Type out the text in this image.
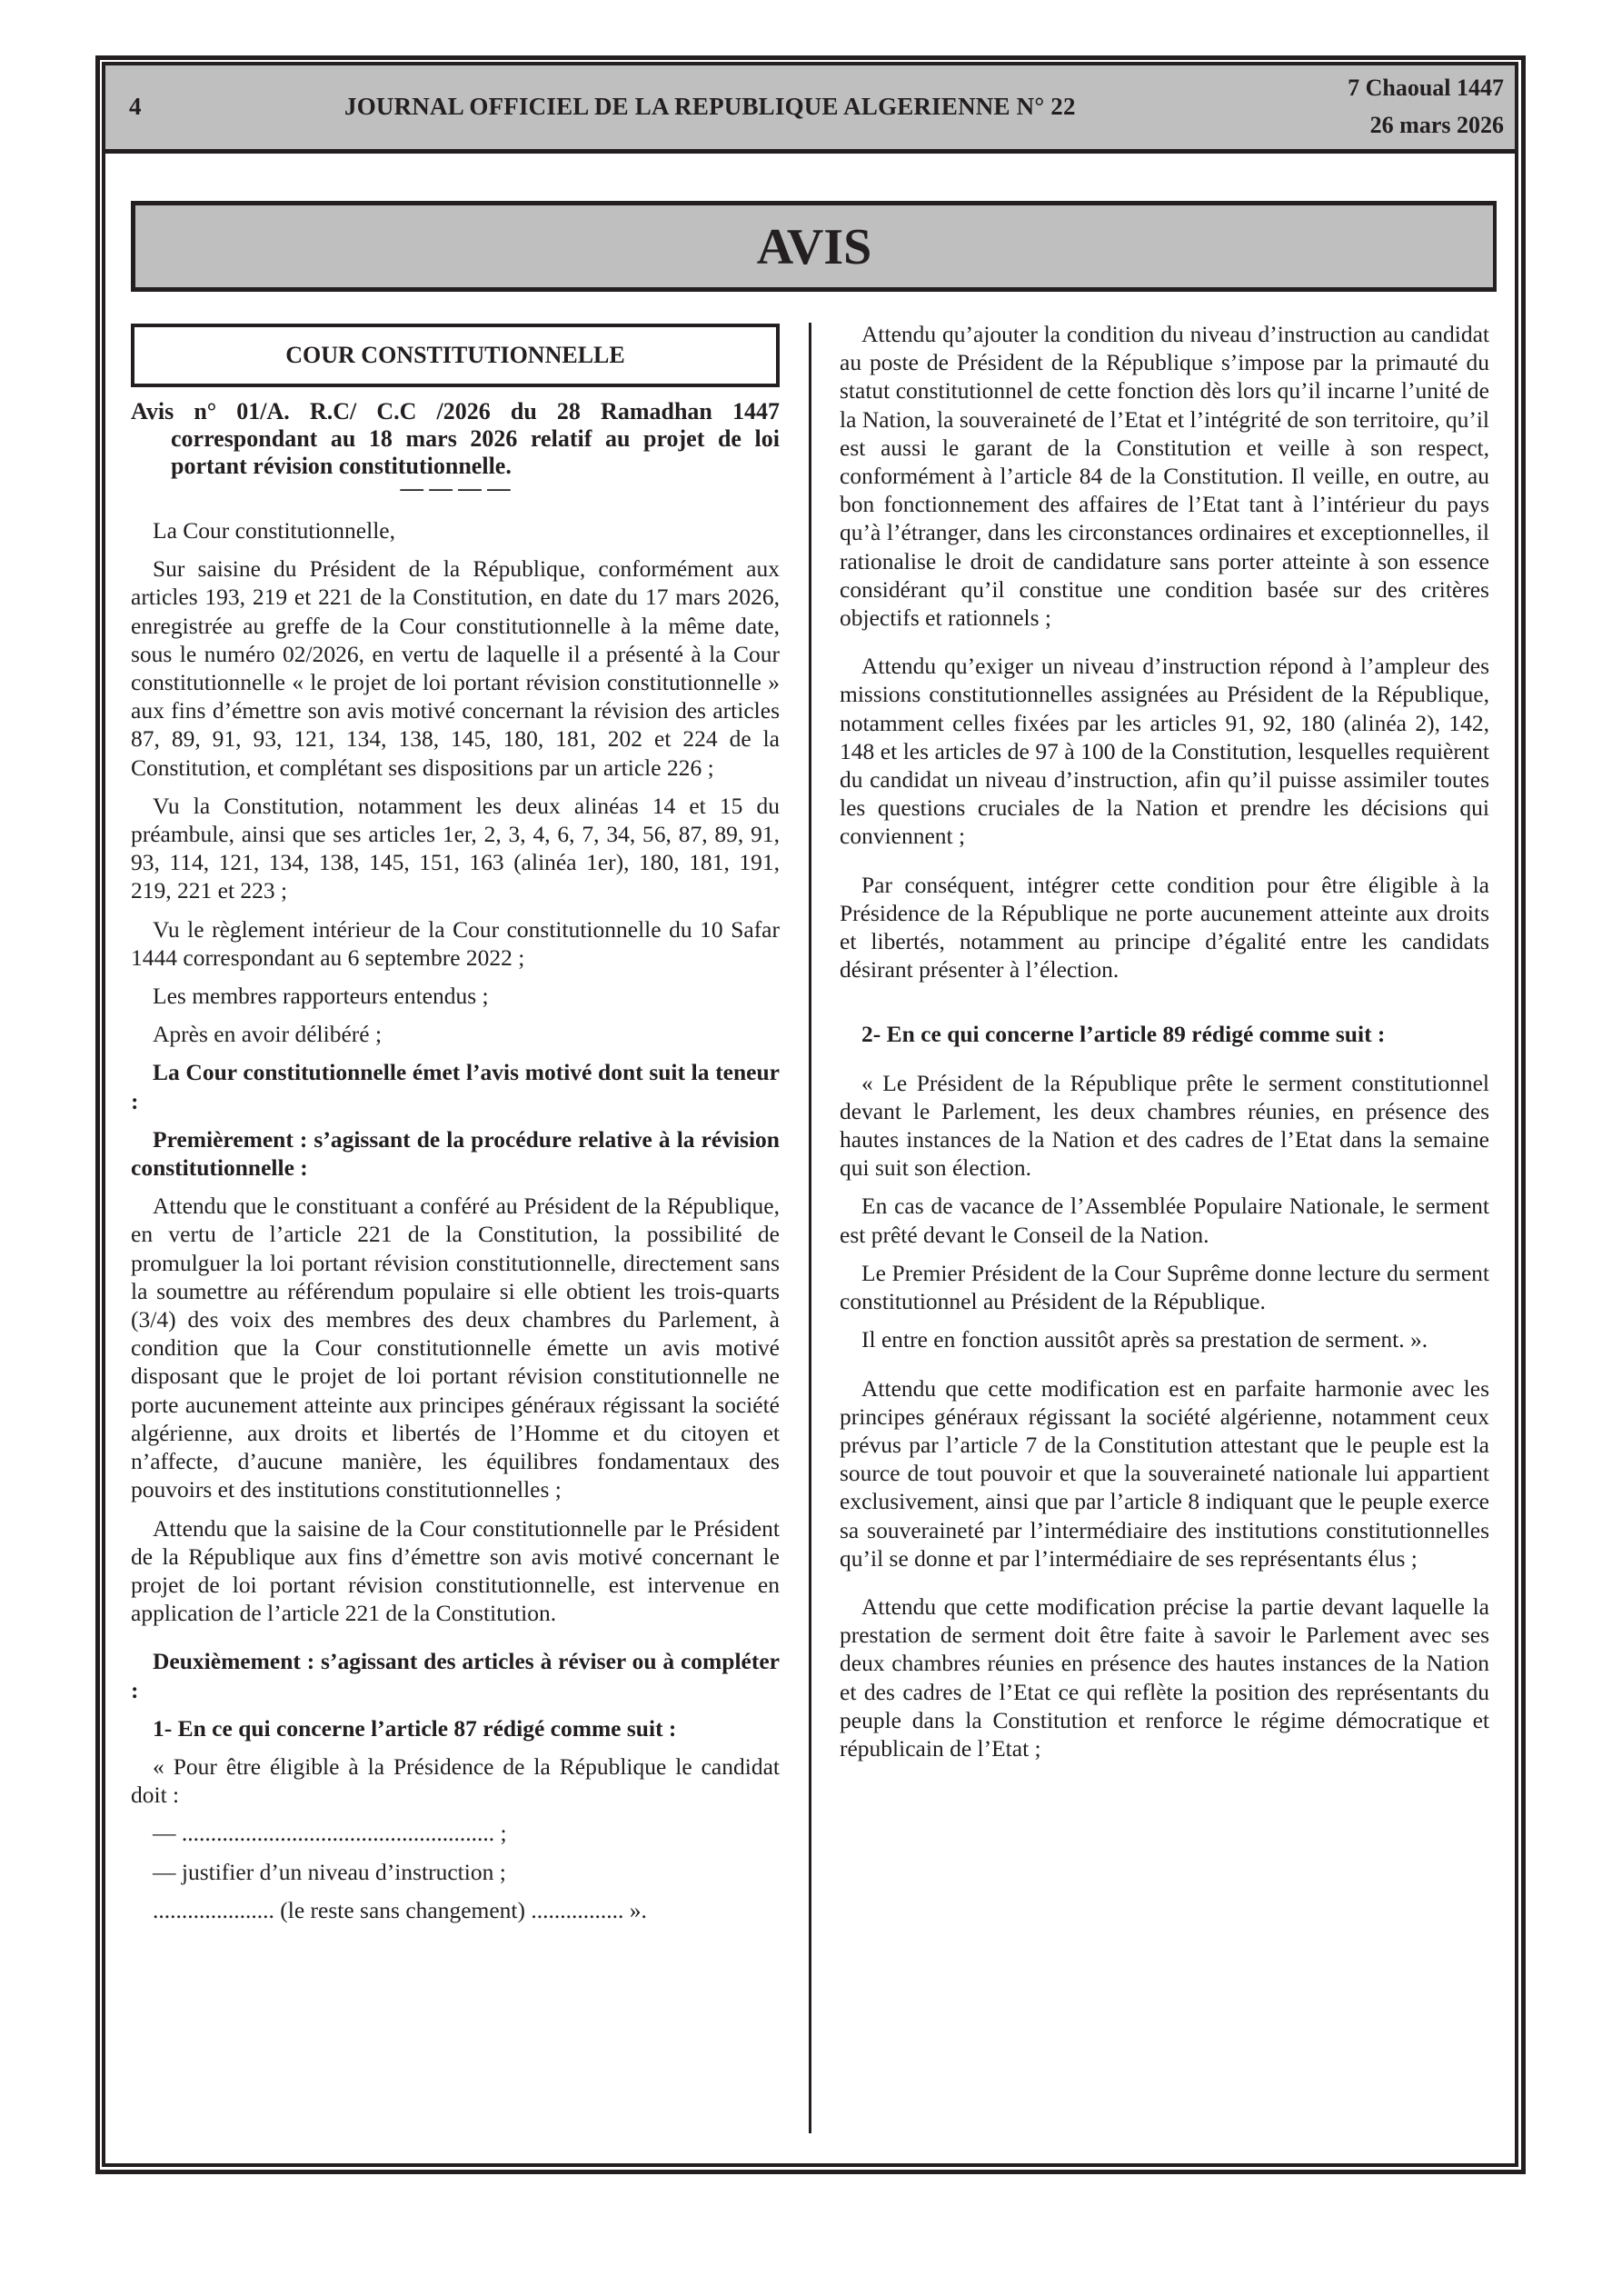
4	JOURNAL OFFICIEL DE LA REPUBLIQUE ALGERIENNE N° 22
7 Chaoual 1447
26 mars 2026
AVIS
COUR CONSTITUTIONNELLE

Avis n° 01/A. R.C/ C.C /2026 du 28 Ramadhan 1447 correspondant au 18 mars 2026 relatif au projet de loi portant révision constitutionnelle.

— — — —

La Cour constitutionnelle,

Sur saisine du Président de la République, conformément aux articles 193, 219 et 221 de la Constitution, en date du 17 mars 2026, enregistrée au greffe de la Cour constitutionnelle à la même date, sous le numéro 02/2026, en vertu de laquelle il a présenté à la Cour constitutionnelle « le projet de loi portant révision constitutionnelle » aux fins d’émettre son avis motivé concernant la révision des articles 87, 89, 91, 93, 121, 134, 138, 145, 180, 181, 202 et 224 de la Constitution, et complétant ses dispositions par un article 226 ;

Vu la Constitution, notamment les deux alinéas 14 et 15 du préambule, ainsi que ses articles 1er, 2, 3, 4, 6, 7, 34, 56, 87, 89, 91, 93, 114, 121, 134, 138, 145, 151, 163 (alinéa 1er), 180, 181, 191, 219, 221 et 223 ;

Vu le règlement intérieur de la Cour constitutionnelle du 10 Safar 1444 correspondant au 6 septembre 2022 ;

Les membres rapporteurs entendus ;

Après en avoir délibéré ;

La Cour constitutionnelle émet l’avis motivé dont suit la teneur :

Premièrement : s’agissant de la procédure relative à la révision constitutionnelle :

Attendu que le constituant a conféré au Président de la République, en vertu de l’article 221 de la Constitution, la possibilité de promulguer la loi portant révision constitutionnelle, directement sans la soumettre au référendum populaire si elle obtient les trois-quarts (3/4) des voix des membres des deux chambres du Parlement, à condition que la Cour constitutionnelle émette un avis motivé disposant que le projet de loi portant révision constitutionnelle ne porte aucunement atteinte aux principes généraux régissant la société algérienne, aux droits et libertés de l’Homme et du citoyen et n’affecte, d’aucune manière, les équilibres fondamentaux des pouvoirs et des institutions constitutionnelles ;

Attendu que la saisine de la Cour constitutionnelle par le Président de la République aux fins d’émettre son avis motivé concernant le projet de loi portant révision constitutionnelle, est intervenue en application de l’article 221 de la Constitution.

Deuxièmement : s’agissant des articles à réviser ou à compléter :

1- En ce qui concerne l’article 87 rédigé comme suit :

« Pour être éligible à la Présidence de la République le candidat doit :

— ...................................................... ;

— justifier d’un niveau d’instruction ;

..................... (le reste sans changement) ................ ».

Attendu qu’ajouter la condition du niveau d’instruction au candidat au poste de Président de la République s’impose par la primauté du statut constitutionnel de cette fonction dès lors qu’il incarne l’unité de la Nation, la souveraineté de l’Etat et l’intégrité de son territoire, qu’il est aussi le garant de la Constitution et veille à son respect, conformément à l’article 84 de la Constitution. Il veille, en outre, au bon fonctionnement des affaires de l’Etat tant à l’intérieur du pays qu’à l’étranger, dans les circonstances ordinaires et exceptionnelles, il rationalise le droit de candidature sans porter atteinte à son essence considérant qu’il constitue une condition basée sur des critères objectifs et rationnels ;

Attendu qu’exiger un niveau d’instruction répond à l’ampleur des missions constitutionnelles assignées au Président de la République, notamment celles fixées par les articles 91, 92, 180 (alinéa 2), 142, 148 et les articles de 97 à 100 de la Constitution, lesquelles requièrent du candidat un niveau d’instruction, afin qu’il puisse assimiler toutes les questions cruciales de la Nation et prendre les décisions qui conviennent ;

Par conséquent, intégrer cette condition pour être éligible à la Présidence de la République ne porte aucunement atteinte aux droits et libertés, notamment au principe d’égalité entre les candidats désirant présenter à l’élection.

2- En ce qui concerne l’article 89 rédigé comme suit :

« Le Président de la République prête le serment constitutionnel devant le Parlement, les deux chambres réunies, en présence des hautes instances de la Nation et des cadres de l’Etat dans la semaine qui suit son élection.

En cas de vacance de l’Assemblée Populaire Nationale, le serment est prêté devant le Conseil de la Nation.

Le Premier Président de la Cour Suprême donne lecture du serment constitutionnel au Président de la République.

Il entre en fonction aussitôt après sa prestation de serment. ».

Attendu que cette modification est en parfaite harmonie avec les principes généraux régissant la société algérienne, notamment ceux prévus par l’article 7 de la Constitution attestant que le peuple est la source de tout pouvoir et que la souveraineté nationale lui appartient exclusivement, ainsi que par l’article 8 indiquant que le peuple exerce sa souveraineté par l’intermédiaire des institutions constitutionnelles qu’il se donne et par l’intermédiaire de ses représentants élus ;

Attendu que cette modification précise la partie devant laquelle la prestation de serment doit être faite à savoir le Parlement avec ses deux chambres réunies en présence des hautes instances de la Nation et des cadres de l’Etat ce qui reflète la position des représentants du peuple dans la Constitution et renforce le régime démocratique et républicain de l’Etat ;
